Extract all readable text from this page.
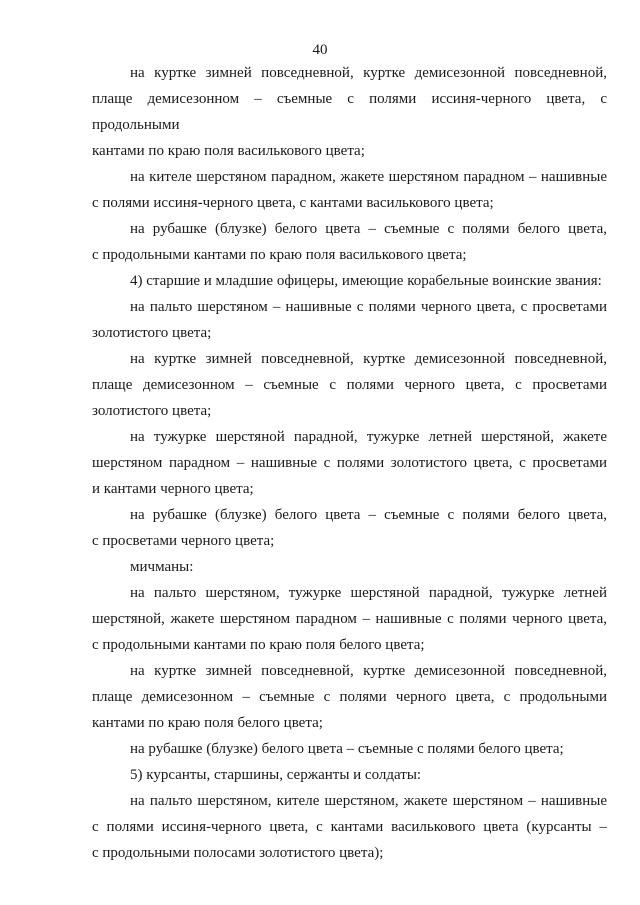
40

на куртке зимней повседневной, куртке демисезонной повседневной,
плаще демисезонном – съемные с полями иссиня-черного цвета, с продольными
кантами по краю поля василькового цвета;

на кителе шерстяном парадном, жакете шерстяном парадном – нашивные
с полями иссиня-черного цвета, с кантами василькового цвета;

на рубашке (блузке) белого цвета – съемные с полями белого цвета,
с продольными кантами по краю поля василькового цвета;

4) старшие и младшие офицеры, имеющие корабельные воинские звания:

на пальто шерстяном – нашивные с полями черного цвета, с просветами
золотистого цвета;

на куртке зимней повседневной, куртке демисезонной повседневной,
плаще демисезонном – съемные с полями черного цвета, с просветами
золотистого цвета;

на тужурке шерстяной парадной, тужурке летней шерстяной, жакете
шерстяном парадном – нашивные с полями золотистого цвета, с просветами
и кантами черного цвета;

на рубашке (блузке) белого цвета – съемные с полями белого цвета,
с просветами черного цвета;

мичманы:

на пальто шерстяном, тужурке шерстяной парадной, тужурке летней
шерстяной, жакете шерстяном парадном – нашивные с полями черного цвета,
с продольными кантами по краю поля белого цвета;

на куртке зимней повседневной, куртке демисезонной повседневной,
плаще демисезонном – съемные с полями черного цвета, с продольными
кантами по краю поля белого цвета;

на рубашке (блузке) белого цвета – съемные с полями белого цвета;

5) курсанты, старшины, сержанты и солдаты:

на пальто шерстяном, кителе шерстяном, жакете шерстяном – нашивные
с полями иссиня-черного цвета, с кантами василькового цвета (курсанты –
с продольными полосами золотистого цвета);
